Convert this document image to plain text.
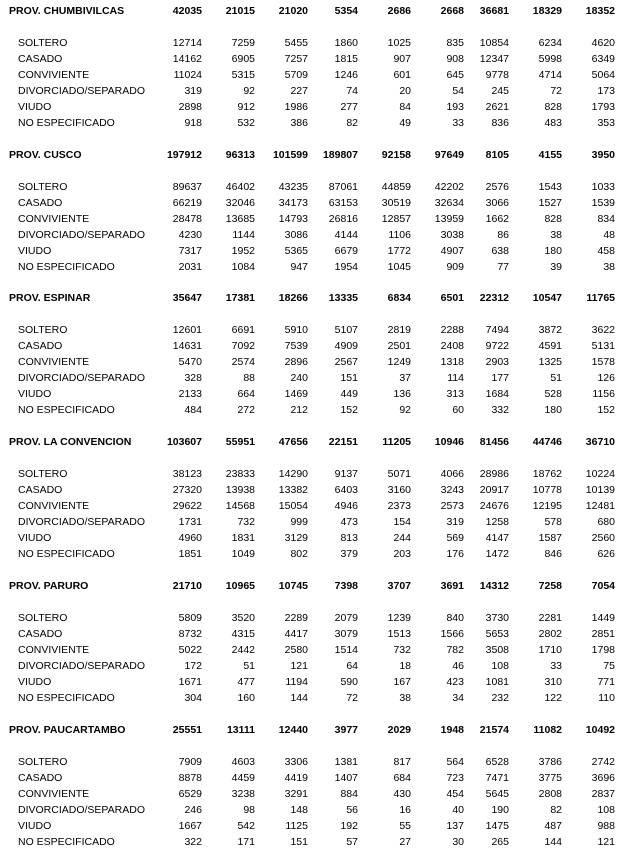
PROV. CHUMBIVILCAS	42035	21015	21020	5354	2686	2668	36681	18329	18352
SOLTERO	12714	7259	5455	1860	1025	835	10854	6234	4620
CASADO	14162	6905	7257	1815	907	908	12347	5998	6349
CONVIVIENTE	11024	5315	5709	1246	601	645	9778	4714	5064
DIVORCIADO/SEPARADO	319	92	227	74	20	54	245	72	173
VIUDO	2898	912	1986	277	84	193	2621	828	1793
NO ESPECIFICADO	918	532	386	82	49	33	836	483	353
PROV. CUSCO	197912	96313	101599	189807	92158	97649	8105	4155	3950
SOLTERO	89637	46402	43235	87061	44859	42202	2576	1543	1033
CASADO	66219	32046	34173	63153	30519	32634	3066	1527	1539
CONVIVIENTE	28478	13685	14793	26816	12857	13959	1662	828	834
DIVORCIADO/SEPARADO	4230	1144	3086	4144	1106	3038	86	38	48
VIUDO	7317	1952	5365	6679	1772	4907	638	180	458
NO ESPECIFICADO	2031	1084	947	1954	1045	909	77	39	38
PROV. ESPINAR	35647	17381	18266	13335	6834	6501	22312	10547	11765
SOLTERO	12601	6691	5910	5107	2819	2288	7494	3872	3622
CASADO	14631	7092	7539	4909	2501	2408	9722	4591	5131
CONVIVIENTE	5470	2574	2896	2567	1249	1318	2903	1325	1578
DIVORCIADO/SEPARADO	328	88	240	151	37	114	177	51	126
VIUDO	2133	664	1469	449	136	313	1684	528	1156
NO ESPECIFICADO	484	272	212	152	92	60	332	180	152
PROV. LA CONVENCION	103607	55951	47656	22151	11205	10946	81456	44746	36710
SOLTERO	38123	23833	14290	9137	5071	4066	28986	18762	10224
CASADO	27320	13938	13382	6403	3160	3243	20917	10778	10139
CONVIVIENTE	29622	14568	15054	4946	2373	2573	24676	12195	12481
DIVORCIADO/SEPARADO	1731	732	999	473	154	319	1258	578	680
VIUDO	4960	1831	3129	813	244	569	4147	1587	2560
NO ESPECIFICADO	1851	1049	802	379	203	176	1472	846	626
PROV. PARURO	21710	10965	10745	7398	3707	3691	14312	7258	7054
SOLTERO	5809	3520	2289	2079	1239	840	3730	2281	1449
CASADO	8732	4315	4417	3079	1513	1566	5653	2802	2851
CONVIVIENTE	5022	2442	2580	1514	732	782	3508	1710	1798
DIVORCIADO/SEPARADO	172	51	121	64	18	46	108	33	75
VIUDO	1671	477	1194	590	167	423	1081	310	771
NO ESPECIFICADO	304	160	144	72	38	34	232	122	110
PROV. PAUCARTAMBO	25551	13111	12440	3977	2029	1948	21574	11082	10492
SOLTERO	7909	4603	3306	1381	817	564	6528	3786	2742
CASADO	8878	4459	4419	1407	684	723	7471	3775	3696
CONVIVIENTE	6529	3238	3291	884	430	454	5645	2808	2837
DIVORCIADO/SEPARADO	246	98	148	56	16	40	190	82	108
VIUDO	1667	542	1125	192	55	137	1475	487	988
NO ESPECIFICADO	322	171	151	57	27	30	265	144	121
